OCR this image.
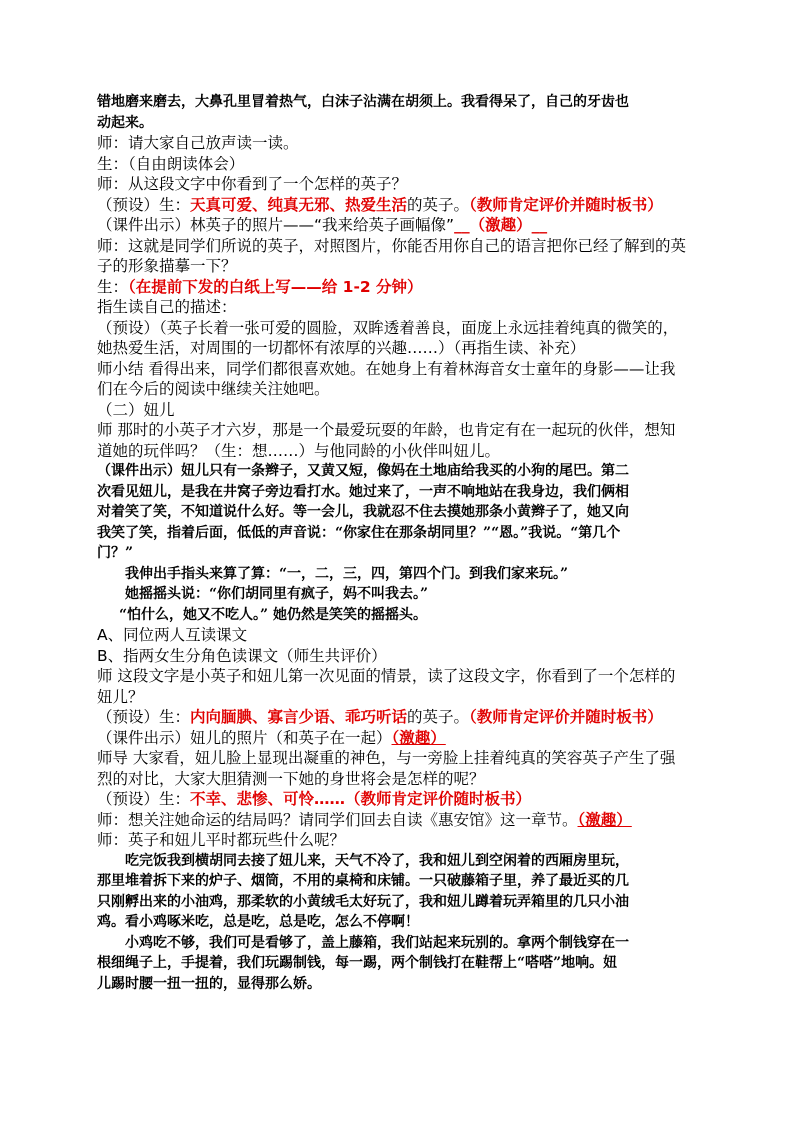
错地磨来磨去，大鼻孔里冒着热气，白沫子沾满在胡须上。我看得呆了，自己的牙齿也
动起来。
师：请大家自己放声读一读。
生：（自由朗读体会）
师：从这段文字中你看到了一个怎样的英子？
（预设）生：天真可爱、纯真无邪、热爱生活的英子。（教师肯定评价并随时板书）
（课件出示）林英子的照片——“我来给英子画幅像”__（激趣）__
师：这就是同学们所说的英子，对照图片，你能否用你自己的语言把你已经了解到的英
子的形象描摹一下？
生：（在提前下发的白纸上写——给 1-2 分钟）
指生读自己的描述：
（预设）（英子长着一张可爱的圆脸，双眸透着善良，面庞上永远挂着纯真的微笑的，
她热爱生活，对周围的一切都怀有浓厚的兴趣……）（再指生读、补充）
师小结 看得出来，同学们都很喜欢她。在她身上有着林海音女士童年的身影——让我
们在今后的阅读中继续关注她吧。
（二）妞儿
师 那时的小英子才六岁，那是一个最爱玩耍的年龄，也肯定有在一起玩的伙伴，想知
道她的玩伴吗？（生：想……）与他同龄的小伙伴叫妞儿。
（课件出示）妞儿只有一条辫子，又黄又短，像妈在土地庙给我买的小狗的尾巴。第二
次看见妞儿，是我在井窝子旁边看打水。她过来了，一声不响地站在我身边，我们俩相
对着笑了笑，不知道说什么好。等一会儿，我就忍不住去摸她那条小黄辫子了，她又向
我笑了笑，指着后面，低低的声音说：“你家住在那条胡同里？”“恩。”我说。“第几个
门？”
我伸出手指头来算了算：“一，二，三，四，第四个门。到我们家来玩。”
她摇摇头说：“你们胡同里有疯子，妈不叫我去。”
“怕什么，她又不吃人。” 她仍然是笑笑的摇摇头。
A、同位两人互读课文
B、指两女生分角色读课文（师生共评价）
师 这段文字是小英子和妞儿第一次见面的情景，读了这段文字，你看到了一个怎样的
妞儿？
（预设）生：内向腼腆、寡言少语、乖巧听话的英子。（教师肯定评价并随时板书）
（课件出示）妞儿的照片（和英子在一起）（激趣）
师导 大家看，妞儿脸上显现出凝重的神色，与一旁脸上挂着纯真的笑容英子产生了强
烈的对比，大家大胆猜测一下她的身世将会是怎样的呢？
（预设）生：不幸、悲惨、可怜……（教师肯定评价随时板书）
师：想关注她命运的结局吗？请同学们回去自读《惠安馆》这一章节。（激趣）
师：英子和妞儿平时都玩些什么呢？
吃完饭我到横胡同去接了妞儿来，天气不冷了，我和妞儿到空闲着的西厢房里玩，
那里堆着拆下来的炉子、烟筒，不用的桌椅和床铺。一只破藤箱子里，养了最近买的几
只刚孵出来的小油鸡，那柔软的小黄绒毛太好玩了，我和妞儿蹲着玩弄箱里的几只小油
鸡。看小鸡啄米吃，总是吃，总是吃，怎么不停啊！
小鸡吃不够，我们可是看够了，盖上藤箱，我们站起来玩别的。拿两个制钱穿在一
根细绳子上，手提着，我们玩踢制钱，每一踢，两个制钱打在鞋帮上“嗒嗒”地响。妞
儿踢时腰一扭一扭的，显得那么娇。
